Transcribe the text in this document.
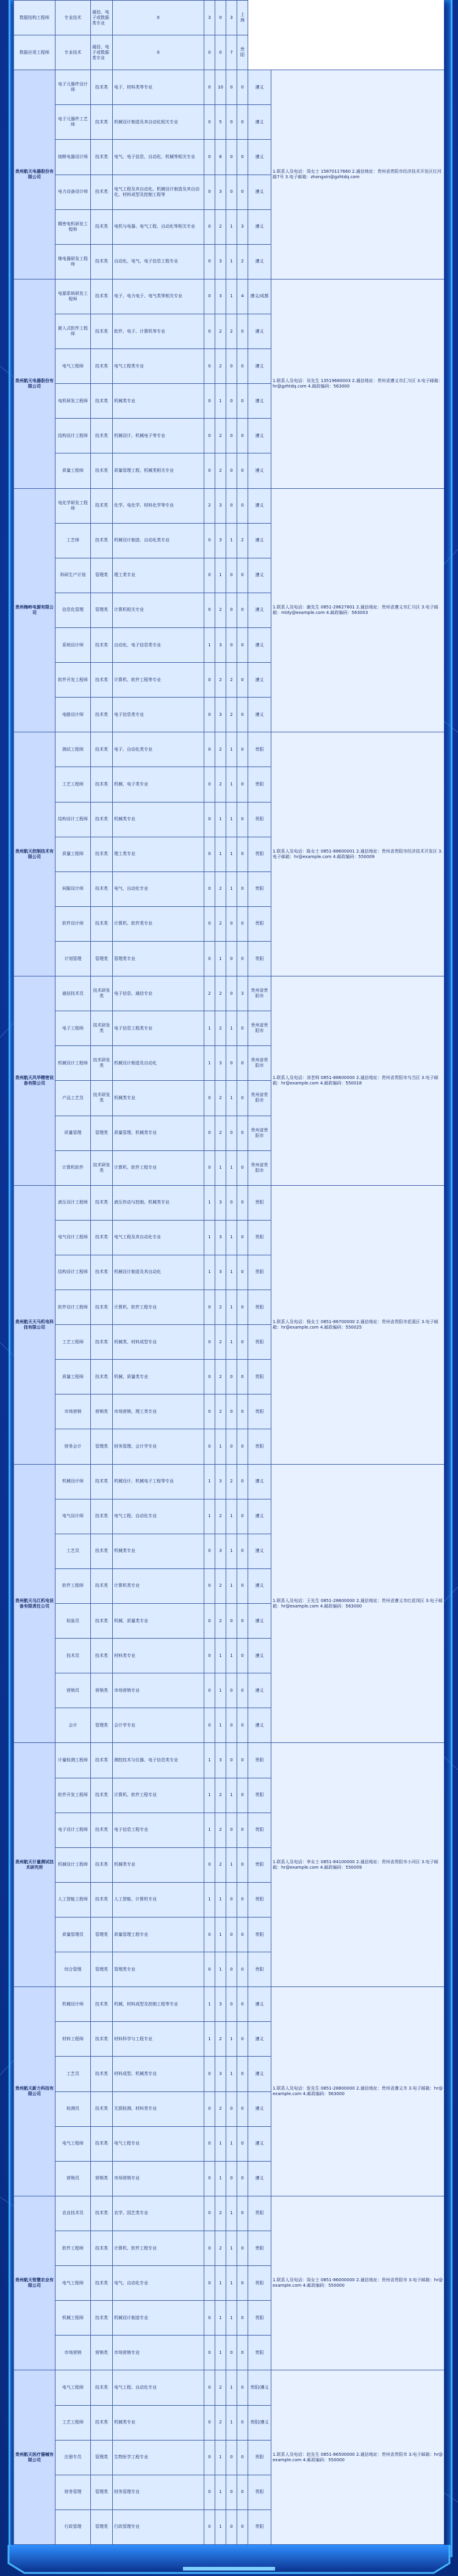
数据结构工程师	专业技术	通信、电子或数据类专业	0	3	0	3	上海		
数据应用工程师	专业技术	通信、电子或数据类专业	0	0	0	7	贵阳		
贵州航天电器股份有限公司	电子元器件设计师	技术类	电子、材料类等专业	0	10	0	0	遵义	1.联系人及电话：周女士 15870117660 2.通信地址：贵州省贵阳市经济技术开发区红河路7号 3.电子邮箱：zhongxin@gzhtdq.com
	电子元器件工艺师	技术类	机械设计制造及其自动化相关专业	0	5	0	0	遵义	
	熔断电器设计师	技术类	电气、电子信息、自动化、机械等相关专业	0	8	0	0	遵义	
	电力设备设计师	技术类	电气工程及其自动化、机械设计制造及其自动化、材料成型及控制工程等	0	3	0	0	遵义	
	精密电机研发工程师	技术类	电机与电器、电气工程、自动化等相关专业	0	2	1	3	遵义	
	继电器研发工程师	技术类	自动化、电气、电子信息工程专业	0	3	1	2	遵义	
贵州航天电器股份有限公司	电源系统研发工程师	技术类	电子、电力电子、电气类等相关专业	0	3	1	4	遵义/成都	1.联系人及电话：吴先生 13519680003 2.通信地址：贵州省遵义市汇川区 3.电子邮箱：hr@gzhtdq.com 4.邮政编码：563000
	嵌入式软件工程师	技术类	软件、电子、计算机等专业	0	2	2	0	遵义	
	电气工程师	技术类	电气工程类专业	0	2	0	0	遵义	
	电机研发工程师	技术类	机械类专业	0	1	0	0	遵义	
	结构设计工程师	技术类	机械设计、机械电子等专业	0	2	0	0	遵义	
	质量工程师	技术类	质量管理工程、机械类相关专业	0	2	0	0	遵义	
贵州梅岭电源有限公司	电化学研发工程师	技术类	化学、电化学、材料化学等专业	2	3	0	0	遵义	1.联系人及电话：谢先生 0851-28627801 2.通信地址：贵州省遵义市汇川区 3.电子邮箱：mldy@example.com 4.邮政编码：563003
	工艺师	技术类	机械设计制造、自动化类专业	0	3	1	2	遵义	
	科研生产计划	管理类	理工类专业	0	1	0	0	遵义	
	信息化管理	管理类	计算机相关专业	0	2	0	0	遵义	
	系统设计师	技术类	自动化、电子信息类专业	1	3	0	0	遵义	
	软件开发工程师	技术类	计算机、软件工程等专业	0	2	2	0	遵义	
	电路设计师	技术类	电子信息类专业	0	3	2	0	遵义	
贵州航天控制技术有限公司	测试工程师	技术类	电子、自动化类专业	0	2	1	0	贵阳	1.联系人及电话：陈女士 0851-88600001 2.通信地址：贵州省贵阳市经济技术开发区 3.电子邮箱：hr@example.com 4.邮政编码：550009
	工艺工程师	技术类	机械、电子类专业	0	2	1	0	贵阳	
	结构设计工程师	技术类	机械类专业	0	1	1	0	贵阳	
	质量工程师	技术类	理工类专业	0	1	1	0	贵阳	
	伺服设计师	技术类	电气、自动化专业	0	2	1	0	贵阳	
	软件设计师	技术类	计算机、软件类专业	0	2	0	0	贵阳	
	计划管理	管理类	管理类专业	0	1	0	0	贵阳	
贵州航天风华精密设备有限公司	通信技术员	技术研发类	电子信息、通信专业	2	2	0	3	贵州省贵阳市	1.联系人及电话：刘老师 0851-88600000 2.通信地址：贵州省贵阳市乌当区 3.电子邮箱：hr@example.com 4.邮政编码：550018
	电子工程师	技术研发类	电子信息工程类专业	1	2	1	0	贵州省贵阳市	
	机械设计工程师	技术研发类	机械设计制造及自动化	1	3	0	0	贵州省贵阳市	
	产品工艺员	技术研发类	机械类专业	0	2	1	0	贵州省贵阳市	
	质量管理	管理类	质量管理、机械类专业	0	2	0	0	贵州省贵阳市	
	计算机软件	技术研发类	计算机、软件工程专业	0	1	1	0	贵州省贵阳市	
贵州航天天马机电科技有限公司	液压设计工程师	技术类	液压传动与控制、机械类专业	1	3	0	0	贵阳	1.联系人及电话：杨女士 0851-86700000 2.通信地址：贵州省贵阳市花溪区 3.电子邮箱：hr@example.com 4.邮政编码：550025
	电气设计工程师	技术类	电气工程及其自动化专业	1	3	1	0	贵阳	
	结构设计工程师	技术类	机械设计制造及其自动化	1	3	1	0	贵阳	
	软件设计工程师	技术类	计算机、软件工程专业	0	2	1	0	贵阳	
	工艺工程师	技术类	机械类、材料成型专业	0	2	1	0	贵阳	
	质量工程师	技术类	机械、质量类专业	0	2	0	0	贵阳	
	市场营销	营销类	市场营销、理工类专业	0	2	0	0	贵阳	
	财务会计	管理类	财务管理、会计学专业	0	1	0	0	贵阳	
贵州航天乌江机电设备有限责任公司	机械设计师	技术类	机械设计、机械电子工程等专业	1	3	2	0	遵义	1.联系人及电话：王先生 0851-28600000 2.通信地址：贵州省遵义市红花岗区 3.电子邮箱：hr@example.com 4.邮政编码：563000
	电气设计师	技术类	电气工程、自动化专业	1	2	1	0	遵义	
	工艺员	技术类	机械类专业	0	3	1	0	遵义	
	软件工程师	技术类	计算机类专业	0	2	1	0	遵义	
	检验员	技术类	机械、质量类专业	0	2	0	0	遵义	
	技术员	技术类	材料类专业	0	1	1	0	遵义	
	营销员	营销类	市场营销专业	0	1	0	0	遵义	
	会计	管理类	会计学专业	0	1	0	0	遵义	
贵州航天计量测试技术研究所	计量检测工程师	技术类	测控技术与仪器、电子信息类专业	1	3	0	0	贵阳	1.联系人及电话：李女士 0851-84100000 2.通信地址：贵州省贵阳市小河区 3.电子邮箱：hr@example.com 4.邮政编码：550009
	软件开发工程师	技术类	计算机、软件工程专业	1	2	1	0	贵阳	
	电子设计工程师	技术类	电子信息工程专业	1	2	0	0	贵阳	
	机械设计工程师	技术类	机械类专业	0	2	1	0	贵阳	
	人工智能工程师	技术类	人工智能、计算机专业	1	1	0	0	贵阳	
	质量管理员	管理类	质量管理工程专业	0	1	0	0	贵阳	
	综合管理	管理类	管理类专业	0	1	0	0	贵阳	
贵州航天新力科技有限公司	机械设计师	技术类	机械、材料成型及控制工程等专业	1	3	0	0	遵义	1.联系人及电话：张先生 0851-28800000 2.通信地址：贵州省遵义市 3.电子邮箱：hr@example.com 4.邮政编码：563000
	材料工程师	技术类	材料科学与工程专业	1	2	1	0	遵义	
	工艺员	技术类	材料成型、机械类专业	0	3	1	0	遵义	
	检测员	技术类	无损检测、材料类专业	0	2	0	0	遵义	
	电气工程师	技术类	电气工程专业	0	1	1	0	遵义	
	营销员	营销类	市场营销专业	0	1	0	0	遵义	
贵州航天智慧农业有限公司	农业技术员	技术类	农学、园艺类专业	0	2	1	0	贵阳	1.联系人及电话：周女士 0851-86000000 2.通信地址：贵州省贵阳市 3.电子邮箱：hr@example.com 4.邮政编码：550000
	软件工程师	技术类	计算机、软件工程专业	0	2	1	0	贵阳	
	电气工程师	技术类	电气、自动化专业	0	1	1	0	贵阳	
	机械工程师	技术类	机械设计制造专业	0	1	1	0	贵阳	
	市场营销	营销类	市场营销专业	0	1	0	0	贵阳	
贵州航天医疗器械有限公司	电气工程师	技术类	电气工程、自动化专业	0	2	1	0	贵阳/遵义	1.联系人及电话：赵先生 0851-86500000 2.通信地址：贵州省贵阳市 3.电子邮箱：hr@example.com 4.邮政编码：550000
	工艺工程师	技术类	机械类专业	0	2	1	0	贵阳/遵义	
	注册专员	管理类	生物医学工程专业	0	1	0	0	贵阳	
	财务管理	管理类	财务管理专业	0	1	0	0	贵阳	
	行政管理	管理类	行政管理专业	0	1	0	0	贵阳	
